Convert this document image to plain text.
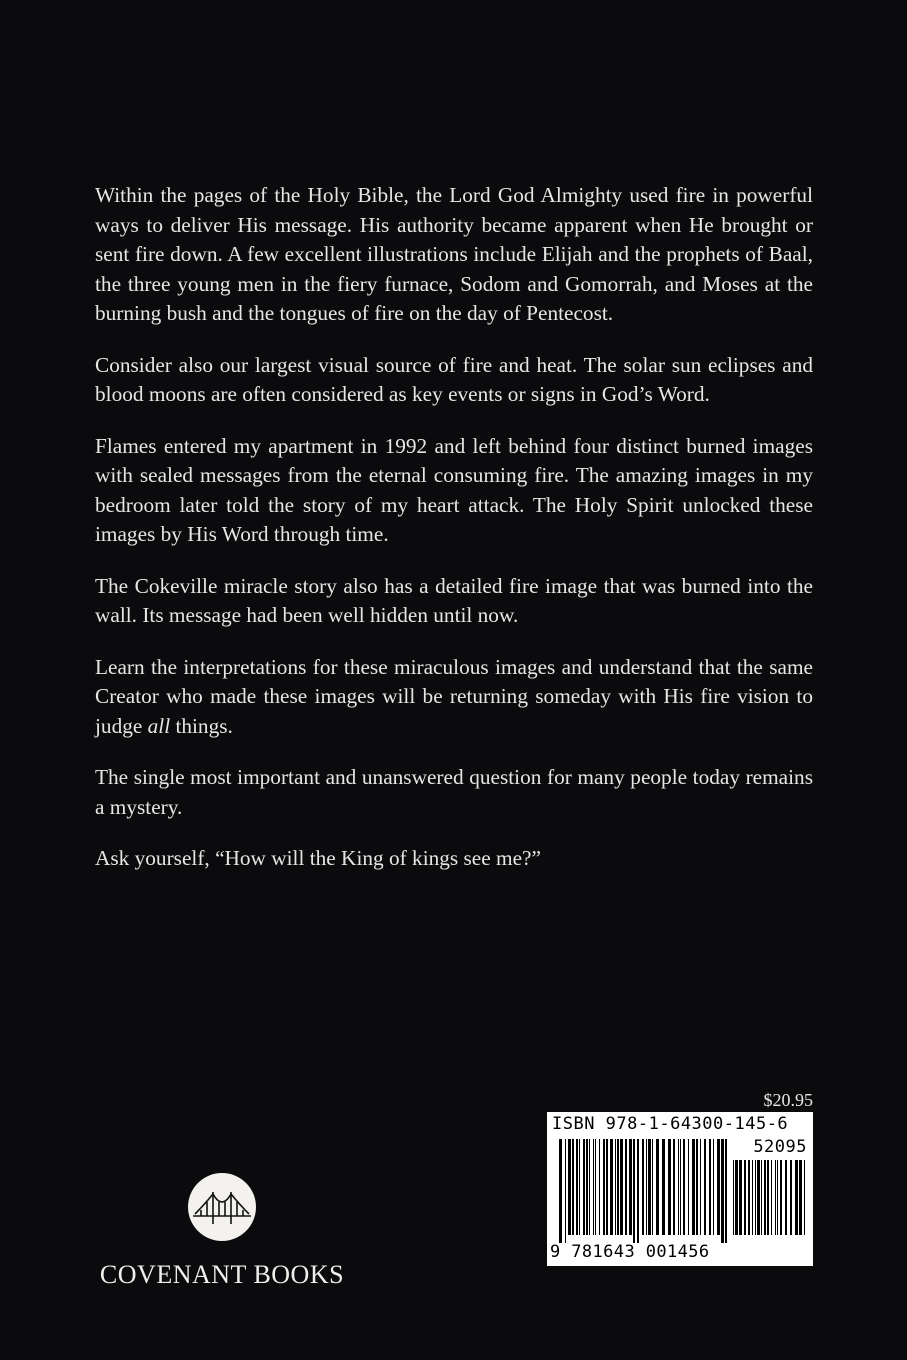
Within the pages of the Holy Bible, the Lord God Almighty used fire in powerful ways to deliver His message. His authority became apparent when He brought or sent fire down. A few excellent illustrations include Elijah and the prophets of Baal, the three young men in the fiery furnace, Sodom and Gomorrah, and Moses at the burning bush and the tongues of fire on the day of Pentecost.

Consider also our largest visual source of fire and heat. The solar sun eclipses and blood moons are often considered as key events or signs in God’s Word.

Flames entered my apartment in 1992 and left behind four distinct burned images with sealed messages from the eternal consuming fire. The amazing images in my bedroom later told the story of my heart attack. The Holy Spirit unlocked these images by His Word through time.

The Cokeville miracle story also has a detailed fire image that was burned into the wall. Its message had been well hidden until now.

Learn the interpretations for these miraculous images and understand that the same Creator who made these images will be returning someday with His fire vision to judge all things.

The single most important and unanswered question for many people today remains a mystery.

Ask yourself, “How will the King of kings see me?”

$20.95
ISBN 978-1-64300-145-6
52095
9 781643 001456
COVENANT BOOKS
